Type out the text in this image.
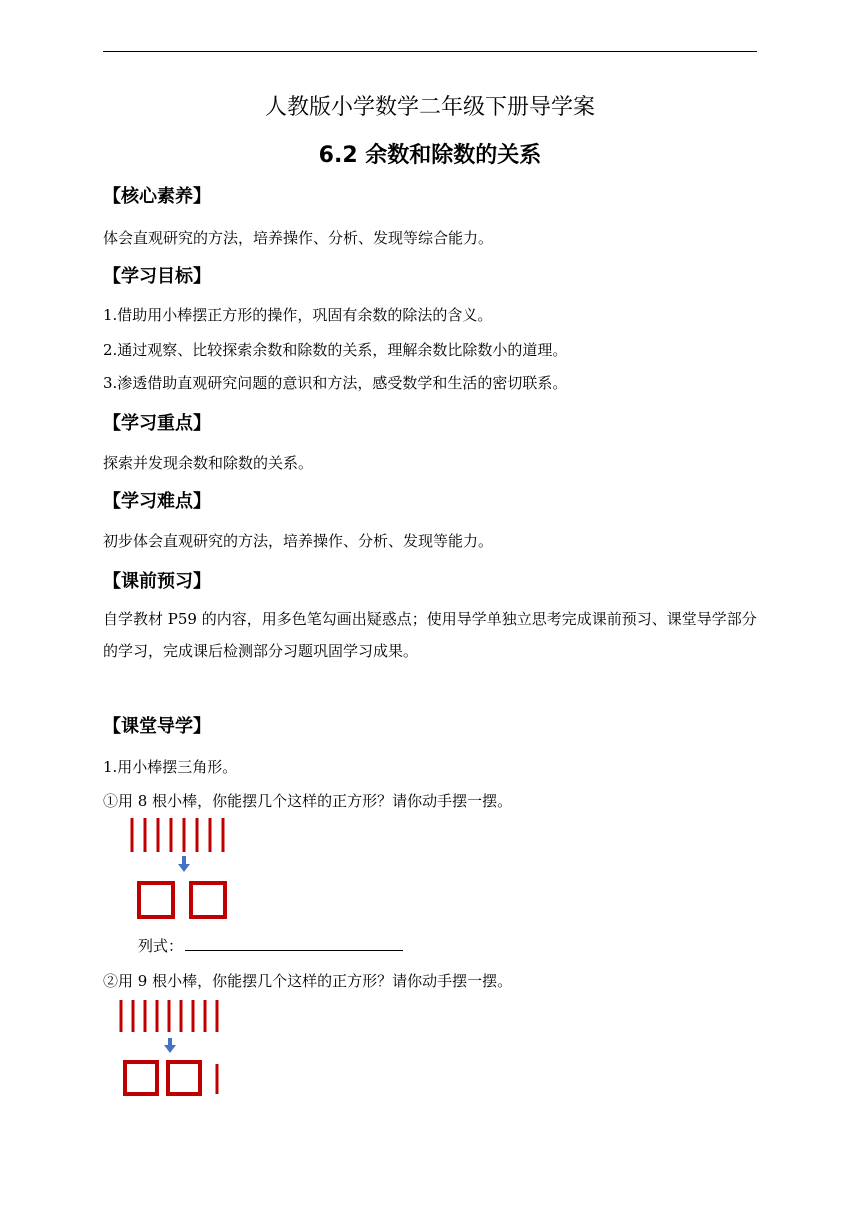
人教版小学数学二年级下册导学案
6.2 余数和除数的关系
【核心素养】
体会直观研究的方法，培养操作、分析、发现等综合能力。
【学习目标】
1.借助用小棒摆正方形的操作，巩固有余数的除法的含义。
2.通过观察、比较探索余数和除数的关系，理解余数比除数小的道理。
3.渗透借助直观研究问题的意识和方法，感受数学和生活的密切联系。
【学习重点】
探索并发现余数和除数的关系。
【学习难点】
初步体会直观研究的方法，培养操作、分析、发现等能力。
【课前预习】
自学教材 P59 的内容，用多色笔勾画出疑惑点；使用导学单独立思考完成课前预习、课堂导学部分的学习，完成课后检测部分习题巩固学习成果。
【课堂导学】
1.用小棒摆三角形。
①用 8 根小棒，你能摆几个这样的正方形？请你动手摆一摆。
列式：
②用 9 根小棒，你能摆几个这样的正方形？请你动手摆一摆。
